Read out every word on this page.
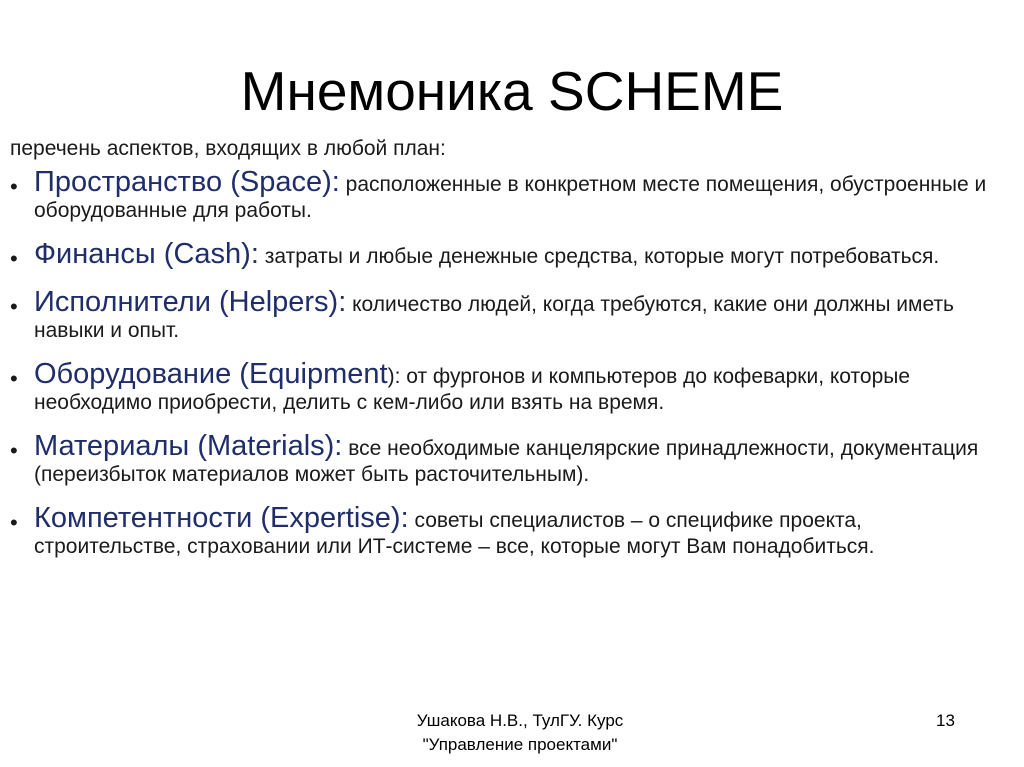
Мнемоника SCHEME
перечень аспектов, входящих в любой план:
• Пространство (Space): расположенные в конкретном месте помещения, обустроенные и оборудованные для работы.
• Финансы (Cash): затраты и любые денежные средства, которые могут потребоваться.
• Исполнители (Helpers): количество людей, когда требуются, какие они должны иметь навыки и опыт.
• Оборудование (Equipment): от фургонов и компьютеров до кофеварки, которые необходимо приобрести, делить с кем-либо или взять на время.
• Материалы (Materials): все необходимые канцелярские принадлежности, документация (переизбыток материалов может быть расточительным).
• Компетентности (Expertise): советы специалистов – о специфике проекта, строительстве, страховании или ИТ-системе – все, которые могут Вам понадобиться.
Ушакова Н.В., ТулГУ. Курс
"Управление проектами"
13
